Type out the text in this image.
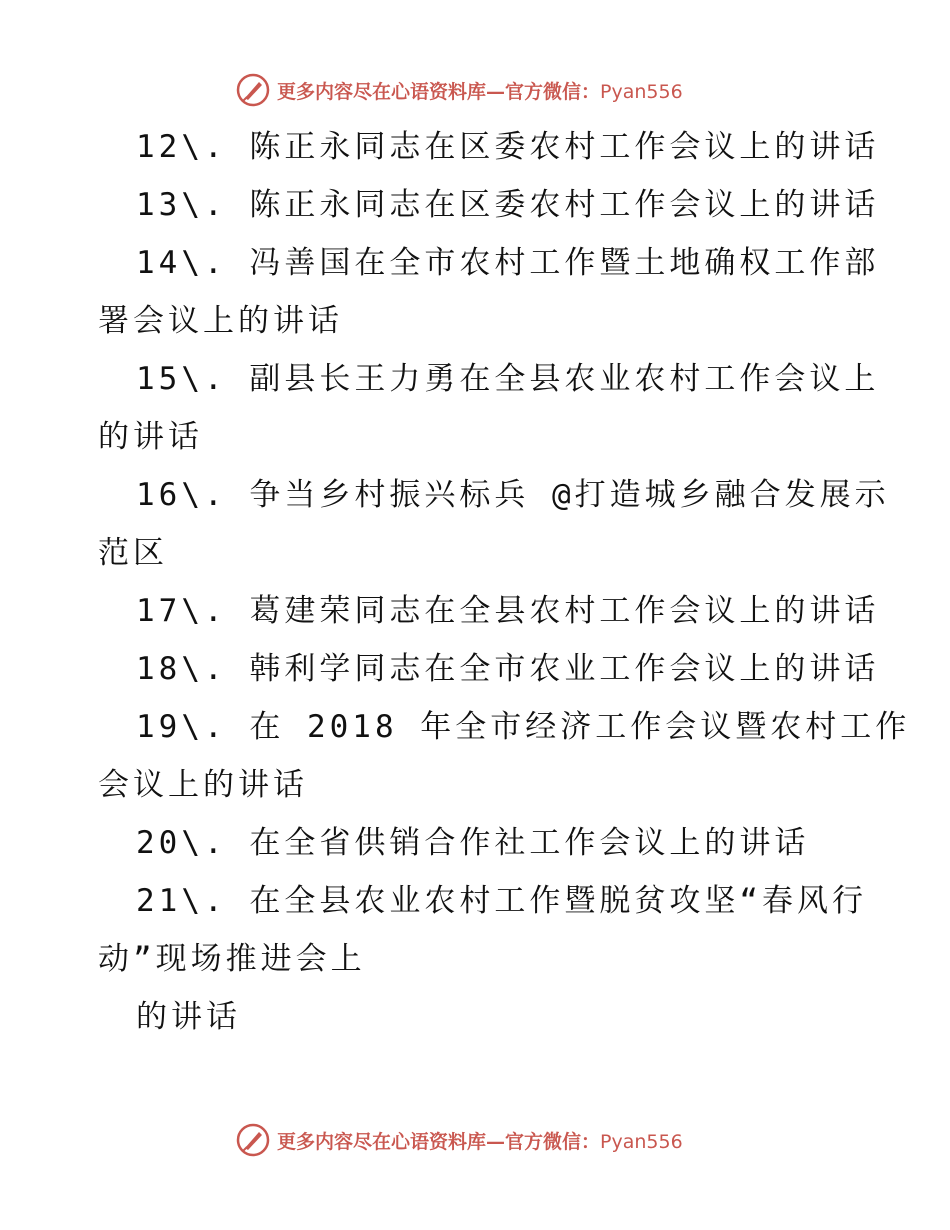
更多内容尽在心语资料库—官方微信：Pyan556
12\. 陈正永同志在区委农村工作会议上的讲话
13\. 陈正永同志在区委农村工作会议上的讲话
14\. 冯善国在全市农村工作暨土地确权工作部
署会议上的讲话
15\. 副县长王力勇在全县农业农村工作会议上
的讲话
16\. 争当乡村振兴标兵 @打造城乡融合发展示
范区
17\. 葛建荣同志在全县农村工作会议上的讲话
18\. 韩利学同志在全市农业工作会议上的讲话
19\. 在 2018 年全市经济工作会议暨农村工作
会议上的讲话
20\. 在全省供销合作社工作会议上的讲话
21\. 在全县农业农村工作暨脱贫攻坚“春风行
动”现场推进会上
的讲话
更多内容尽在心语资料库—官方微信：Pyan556
